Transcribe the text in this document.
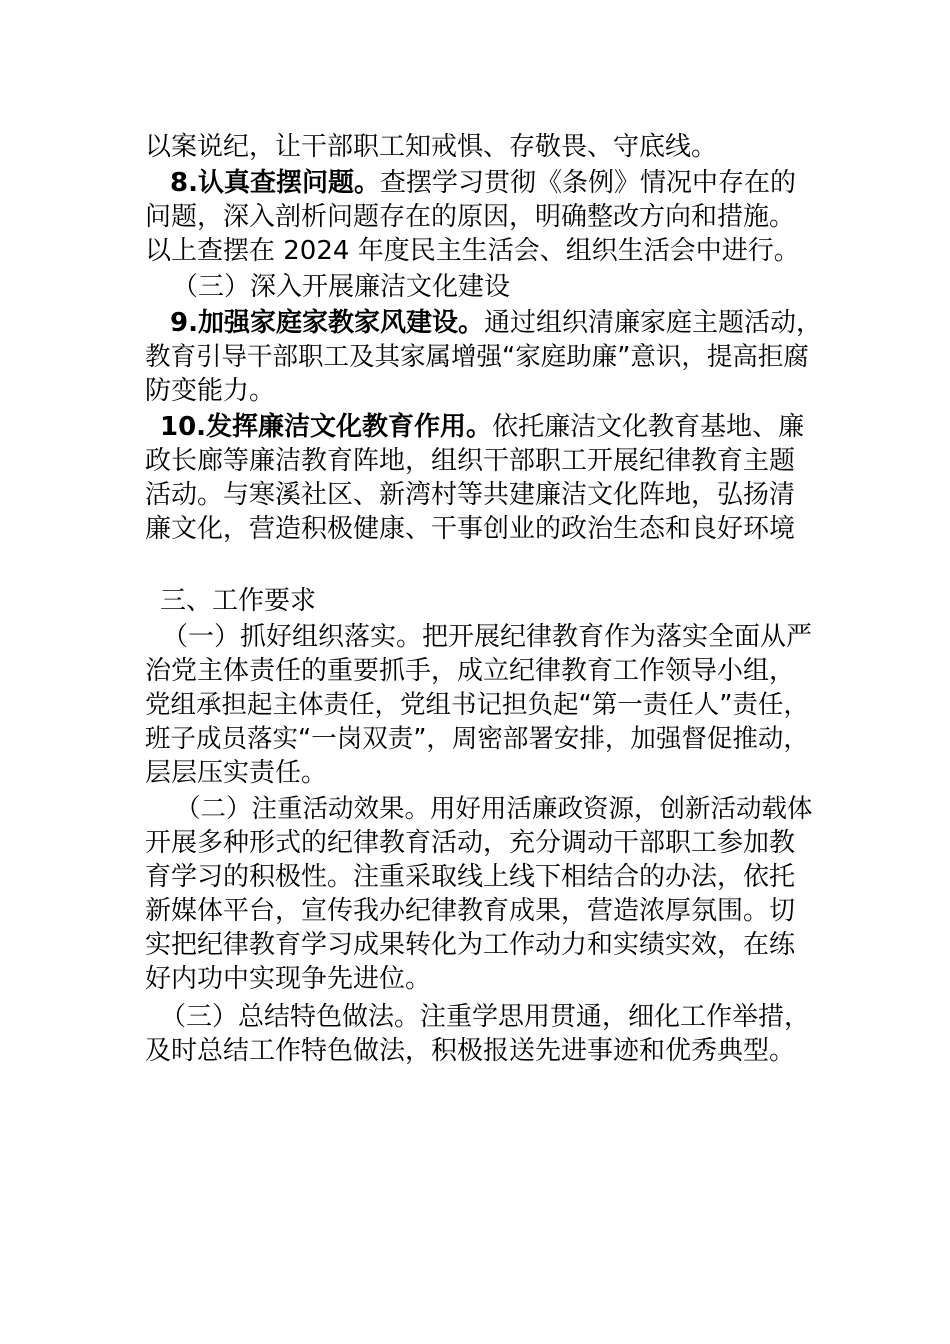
以案说纪，让干部职工知戒惧、存敬畏、守底线。
8.认真查摆问题。查摆学习贯彻《条例》情况中存在的
问题，深入剖析问题存在的原因，明确整改方向和措施。
以上查摆在 2024 年度民主生活会、组织生活会中进行。
（三）深入开展廉洁文化建设
9.加强家庭家教家风建设。通过组织清廉家庭主题活动，
教育引导干部职工及其家属增强“家庭助廉”意识，提高拒腐
防变能力。
10.发挥廉洁文化教育作用。依托廉洁文化教育基地、廉
政长廊等廉洁教育阵地，组织干部职工开展纪律教育主题
活动。与寒溪社区、新湾村等共建廉洁文化阵地，弘扬清
廉文化，营造积极健康、干事创业的政治生态和良好环境
三、工作要求
（一）抓好组织落实。把开展纪律教育作为落实全面从严
治党主体责任的重要抓手，成立纪律教育工作领导小组，
党组承担起主体责任，党组书记担负起“第一责任人”责任，
班子成员落实“一岗双责”，周密部署安排，加强督促推动，
层层压实责任。
（二）注重活动效果。用好用活廉政资源，创新活动载体
开展多种形式的纪律教育活动，充分调动干部职工参加教
育学习的积极性。注重采取线上线下相结合的办法，依托
新媒体平台，宣传我办纪律教育成果，营造浓厚氛围。切
实把纪律教育学习成果转化为工作动力和实绩实效，在练
好内功中实现争先进位。
（三）总结特色做法。注重学思用贯通，细化工作举措，
及时总结工作特色做法，积极报送先进事迹和优秀典型。
